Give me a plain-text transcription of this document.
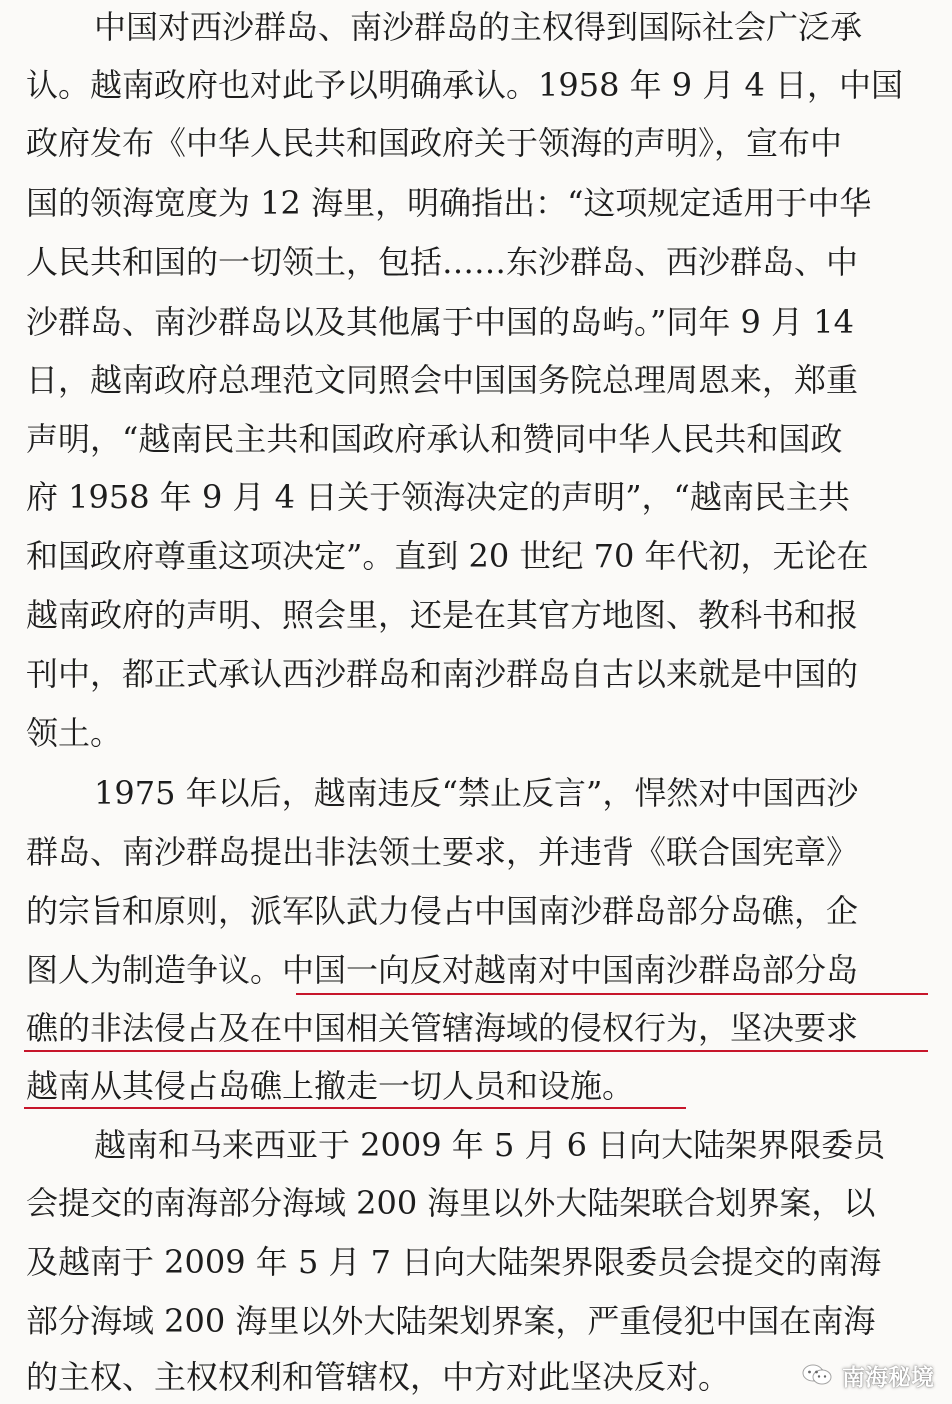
中国对西沙群岛、南沙群岛的主权得到国际社会广泛承
认。越南政府也对此予以明确承认。1958 年 9 月 4 日，中国
政府发布《中华人民共和国政府关于领海的声明》，宣布中
国的领海宽度为 12 海里，明确指出：“这项规定适用于中华
人民共和国的一切领土，包括……东沙群岛、西沙群岛、中
沙群岛、南沙群岛以及其他属于中国的岛屿。”同年 9 月 14
日，越南政府总理范文同照会中国国务院总理周恩来，郑重
声明，“越南民主共和国政府承认和赞同中华人民共和国政
府 1958 年 9 月 4 日关于领海决定的声明”，“越南民主共
和国政府尊重这项决定”。直到 20 世纪 70 年代初，无论在
越南政府的声明、照会里，还是在其官方地图、教科书和报
刊中，都正式承认西沙群岛和南沙群岛自古以来就是中国的
领土。
1975 年以后，越南违反“禁止反言”，悍然对中国西沙
群岛、南沙群岛提出非法领土要求，并违背《联合国宪章》
的宗旨和原则，派军队武力侵占中国南沙群岛部分岛礁，企
图人为制造争议。中国一向反对越南对中国南沙群岛部分岛
礁的非法侵占及在中国相关管辖海域的侵权行为，坚决要求
越南从其侵占岛礁上撤走一切人员和设施。
越南和马来西亚于 2009 年 5 月 6 日向大陆架界限委员
会提交的南海部分海域 200 海里以外大陆架联合划界案，以
及越南于 2009 年 5 月 7 日向大陆架界限委员会提交的南海
部分海域 200 海里以外大陆架划界案，严重侵犯中国在南海
的主权、主权权利和管辖权，中方对此坚决反对。	南海秘境
